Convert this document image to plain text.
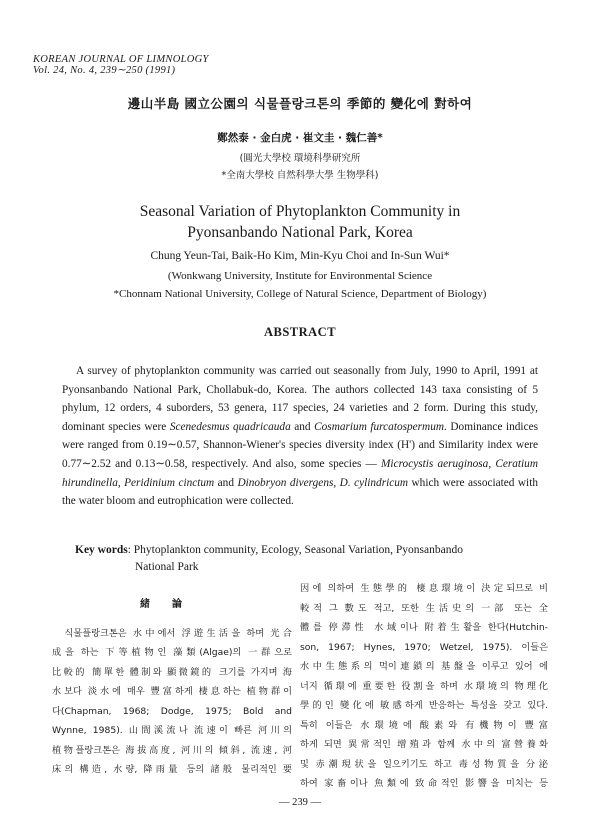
KOREAN JOURNAL OF LIMNOLOGY
Vol. 24, No. 4, 239∼250 (1991)
邊山半島 國立公園의 식물플랑크톤의 季節的 變化에 對하여
鄭然泰 · 金白虎 · 崔文圭 · 魏仁善*
(圓光大學校 環境科學研究所
*全南大學校 自然科學大學 生物學科)
Seasonal Variation of Phytoplankton Community in
Pyonsanbando National Park, Korea
Chung Yeun-Tai, Baik-Ho Kim, Min-Kyu Choi and In-Sun Wui*
(Wonkwang University, Institute for Environmental Science
*Chonnam National University, College of Natural Science, Department of Biology)
ABSTRACT
A survey of phytoplankton community was carried out seasonally from July, 1990 to April, 1991 at Pyonsanbando National Park, Chollabuk-do, Korea. The authors collected 143 taxa consisting of 5 phylum, 12 orders, 4 suborders, 53 genera, 117 species, 24 varieties and 2 form. During this study, dominant species were Scenedesmus quadricauda and Cosmarium furcatospermum. Dominance indices were ranged from 0.19∼0.57, Shannon-Wiener's species diversity index (H') and Similarity index were 0.77∼2.52 and 0.13∼0.58, respectively. And also, some species — Microcystis aeruginosa, Ceratium hirundinella, Peridinium cinctum and Dinobryon divergens, D. cylindricum which were associated with the water bloom and eutrophication were collected.
Key words: Phytoplankton community, Ecology, Seasonal Variation, Pyonsanbando
National Park
緒論
　식물플랑크톤은 水中에서 浮遊生活을 하며 光合
成을 하는 下等植物인 藻類(Algae)의 一群으로
比較的 簡單한 體制와 顯微鏡的 크기를 가지며 海
水보다 淡水에 매우 豐富하게 棲息하는 植物群이
다(Chapman, 1968; Dodge, 1975; Bold and
Wynne, 1985). 山間溪流나 流速이 빠른 河川의
植物플랑크톤은 海拔高度, 河川의 傾斜, 流速, 河
床의 構造, 水량, 降雨量 등의 諸般 물리적인 要
因에 의하여 生態學的 棲息環境이 決定되므로 비
較적 그 數도 적고, 또한 生活史의 一部 또는 全
體를 停滞性 水域이나 附着生활을 한다(Hutchin-
son, 1967; Hynes, 1970; Wetzel, 1975). 이들은
水中生態系의 먹이連鎖의 基盤을 이루고 있어 에
너지 循環에 重要한 役割을 하며 水環境의 物理化
學的인 變化에 敏感하게 반응하는 특성을 갖고 있다.
특히 이들은 水環境에 酸素와 有機物이 豐富
하게 되면 異常적인 增殖과 함께 水中의 富營養화
및 赤潮現状을 일으키기도 하고 毒성物質을 分泌
하여 家畜이나 魚類에 致命적인 影響을 미치는 등
— 239 —
